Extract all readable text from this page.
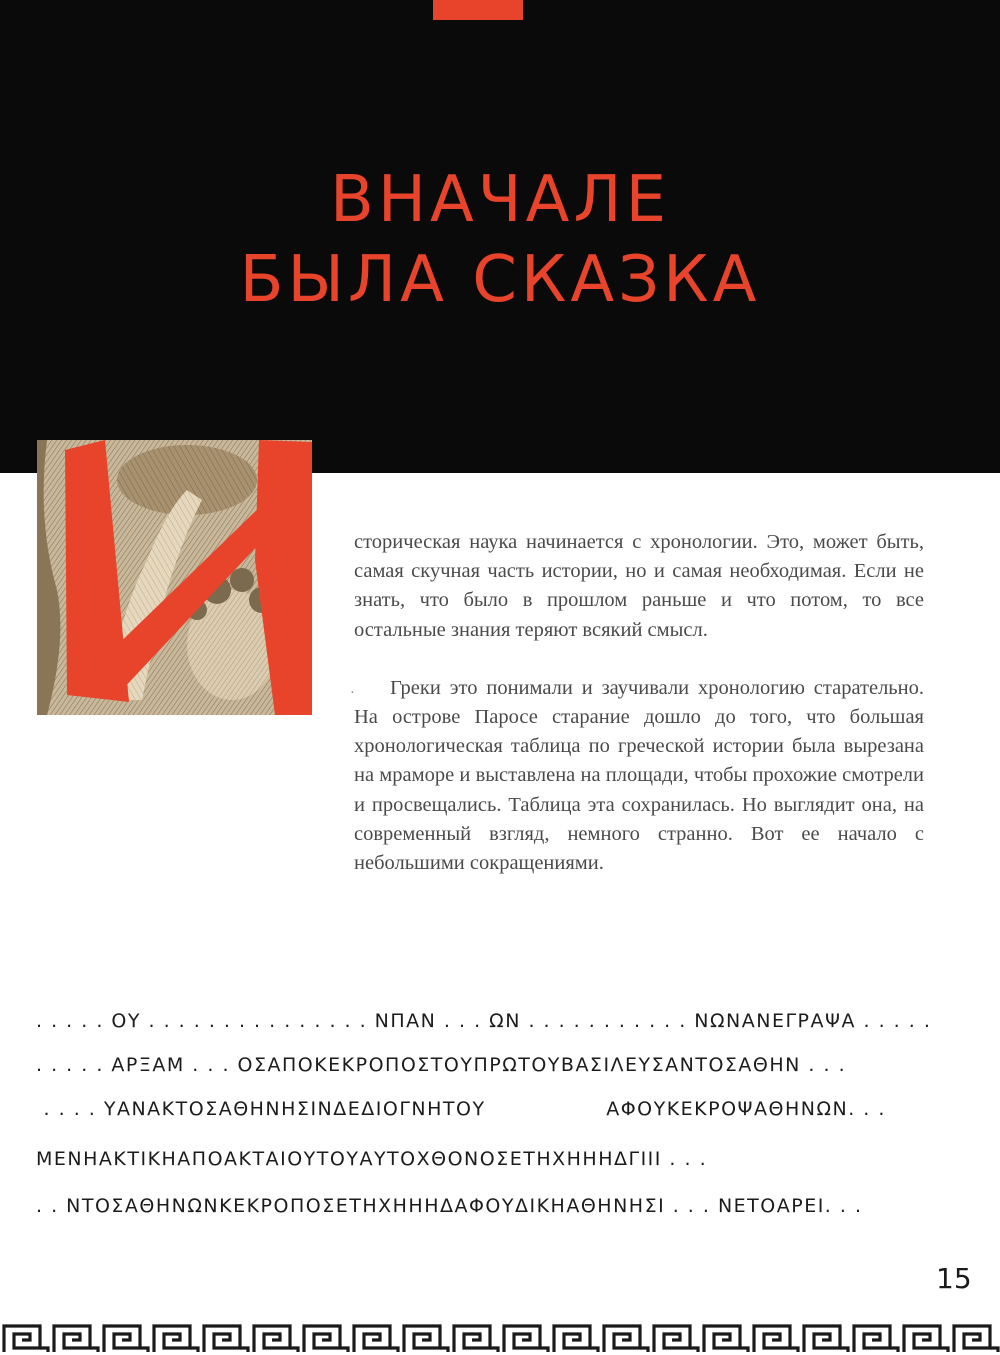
ВНАЧАЛЕ
БЫЛА СКАЗКА

сторическая наука начинается с хронологии. Это, может быть, самая скучная часть истории, но и самая необходимая. Если не знать, что было в прошлом раньше и что потом, то все остальные знания теряют всякий смысл.

Греки это понимали и заучивали хронологию старательно. На острове Паросе старание дошло до того, что большая хронологическая таблица по греческой истории была вырезана на мраморе и выставлена на площади, чтобы прохожие смотрели и просвещались. Таблица эта сохранилась. Но выглядит она, на современный взгляд, немного странно. Вот ее начало с небольшими сокращениями.

·
. . . . . ΟΥ . . . . . . . . . . . . . . . ΝΠΑΝ . . . ΩΝ . . . . . . . . . . . ΝΩΝΑΝΕΓΡΑΨΑ . . . . .
. . . . . ΑΡΞΑΜ . . . ΟΣΑΠΟΚΕΚΡΟΠΟΣΤΟΥΠΡΩΤΟΥΒΑΣΙΛΕΥΣΑΝΤΟΣΑΘΗΝ . . .
. . . . ΥΑΝΑΚΤΟΣΑΘΗΝΗΣΙΝΔΕΔΙΟΓΝΗΤΟΥ                ΑΦΟΥΚΕΚΡΟΨΑΘΗΝΩΝ. . .
ΜΕΝΗΑΚΤΙΚΗΑΠΟΑΚΤΑΙΟΥΤΟΥΑΥΤΟΧΘΟΝΟΣΕΤΗΧΗΗΗΔΓΙΙΙ . . .
. . ΝΤΟΣΑΘΗΝΩΝΚΕΚΡΟΠΟΣΕΤΗΧΗΗΗΔΑΦΟΥΔΙΚΗΑΘΗΝΗΣΙ . . . ΝΕΤΟΑΡΕΙ. . .
15
